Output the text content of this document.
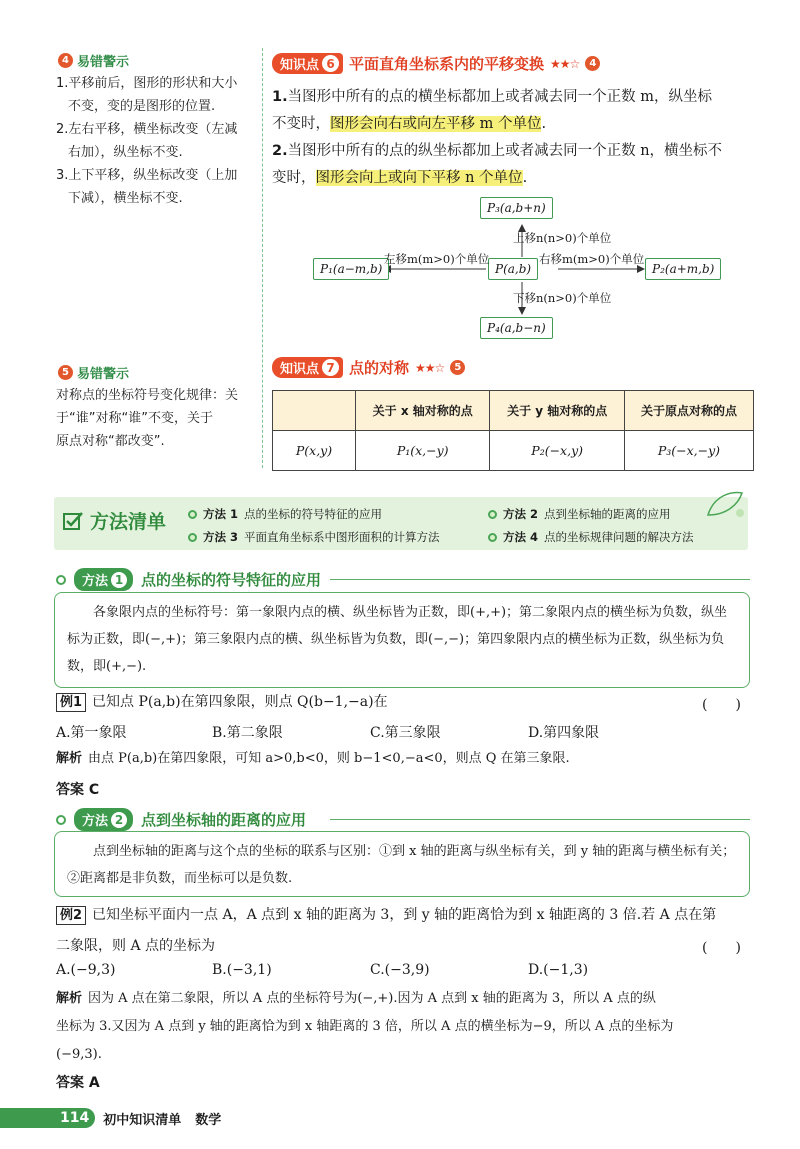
4 易错警示

1.平移前后，图形的形状和大小

不变，变的是图形的位置.

2.左右平移，横坐标改变（左减

右加），纵坐标不变.

3.上下平移，纵坐标改变（上加

下减），横坐标不变.

5 易错警示

对称点的坐标符号变化规律：关

于“谁”对称“谁”不变，关于

原点对称“都改变”.

知识点 6 平面直角坐标系内的平移变换 ★★☆	4

1.当图形中所有的点的横坐标都加上或者减去同一个正数 m，纵坐标

不变时，图形会向右或向左平移 m 个单位.

2.当图形中所有的点的纵坐标都加上或者减去同一个正数 n，横坐标不

变时，图形会向上或向下平移 n 个单位.

P(a,b)
P₃(a,b+n)
P₁(a−m,b)	P₂(a+m,b)
P₄(a,b−n)
上移n(n>0)个单位
下移n(n>0)个单位
左移m(m>0)个单位	右移m(m>0)个单位
知识点 7 点的对称 ★★☆	5
	关于 x 轴对称的点	关于 y 轴对称的点	关于原点对称的点
P(x,y)	P₁(x,−y)	P₂(−x,y)	P₃(−x,−y)
方法清单	方法 1 点的坐标的符号特征的应用	方法 2 点到坐标轴的距离的应用
方法 3 平面直角坐标系中图形面积的计算方法	方法 4 点的坐标规律问题的解决方法
方法 1 点的坐标的符号特征的应用
各象限内点的坐标符号：第一象限内点的横、纵坐标皆为正数，即(+,+)；第二象限内点的横坐标为负数，纵坐标为正数，即(−,+)；第三象限内点的横、纵坐标皆为负数，即(−,−)；第四象限内点的横坐标为正数，纵坐标为负数，即(+,−).
例1 已知点 P(a,b)在第四象限，则点 Q(b−1,−a)在	(　　)
A.第一象限	B.第二象限	C.第三象限	D.第四象限
解析 由点 P(a,b)在第四象限，可知 a>0,b<0，则 b−1<0,−a<0，则点 Q 在第三象限.
答案 C
方法 2 点到坐标轴的距离的应用
点到坐标轴的距离与这个点的坐标的联系与区别：①到 x 轴的距离与纵坐标有关，到 y 轴的距离与横坐标有关；②距离都是非负数，而坐标可以是负数.
例2 已知坐标平面内一点 A，A 点到 x 轴的距离为 3，到 y 轴的距离恰为到 x 轴距离的 3 倍.若 A 点在第
二象限，则 A 点的坐标为	(　　)
A.(−9,3)	B.(−3,1)	C.(−3,9)	D.(−1,3)
解析 因为 A 点在第二象限，所以 A 点的坐标符号为(−,+).因为 A 点到 x 轴的距离为 3，所以 A 点的纵
坐标为 3.又因为 A 点到 y 轴的距离恰为到 x 轴距离的 3 倍，所以 A 点的横坐标为−9，所以 A 点的坐标为
(−9,3).
答案 A
114	初中知识清单 数学
